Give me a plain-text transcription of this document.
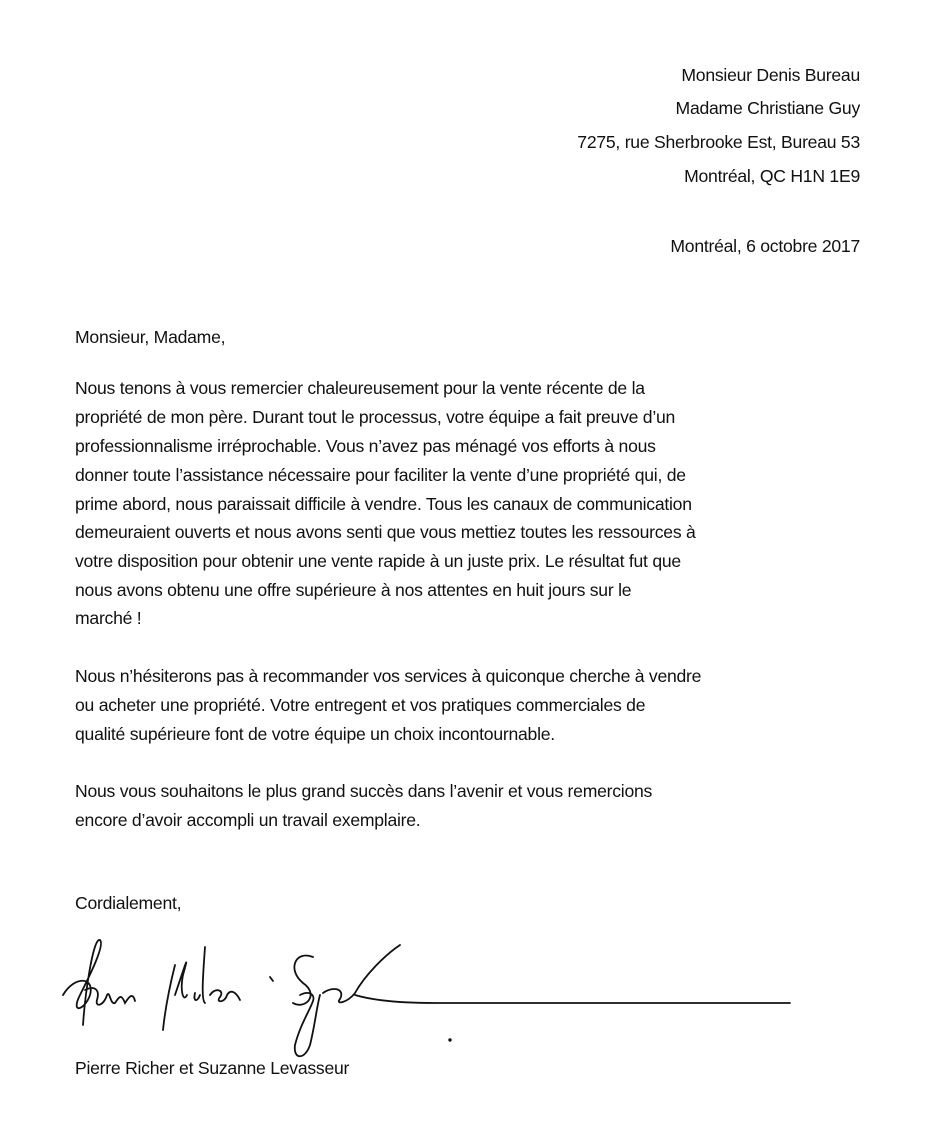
Monsieur Denis Bureau
Madame Christiane Guy
7275, rue Sherbrooke Est, Bureau 53
Montréal, QC H1N 1E9
Montréal, 6 octobre 2017
Monsieur, Madame,
Nous tenons à vous remercier chaleureusement pour la vente récente de la
propriété de mon père. Durant tout le processus, votre équipe a fait preuve d’un
professionnalisme irréprochable. Vous n’avez pas ménagé vos efforts à nous
donner toute l’assistance nécessaire pour faciliter la vente d’une propriété qui, de
prime abord, nous paraissait difficile à vendre. Tous les canaux de communication
demeuraient ouverts et nous avons senti que vous mettiez toutes les ressources à
votre disposition pour obtenir une vente rapide à un juste prix. Le résultat fut que
nous avons obtenu une offre supérieure à nos attentes en huit jours sur le
marché !
Nous n’hésiterons pas à recommander vos services à quiconque cherche à vendre
ou acheter une propriété. Votre entregent et vos pratiques commerciales de
qualité supérieure font de votre équipe un choix incontournable.
Nous vous souhaitons le plus grand succès dans l’avenir et vous remercions
encore d’avoir accompli un travail exemplaire.
Cordialement,
Pierre Richer et Suzanne Levasseur
